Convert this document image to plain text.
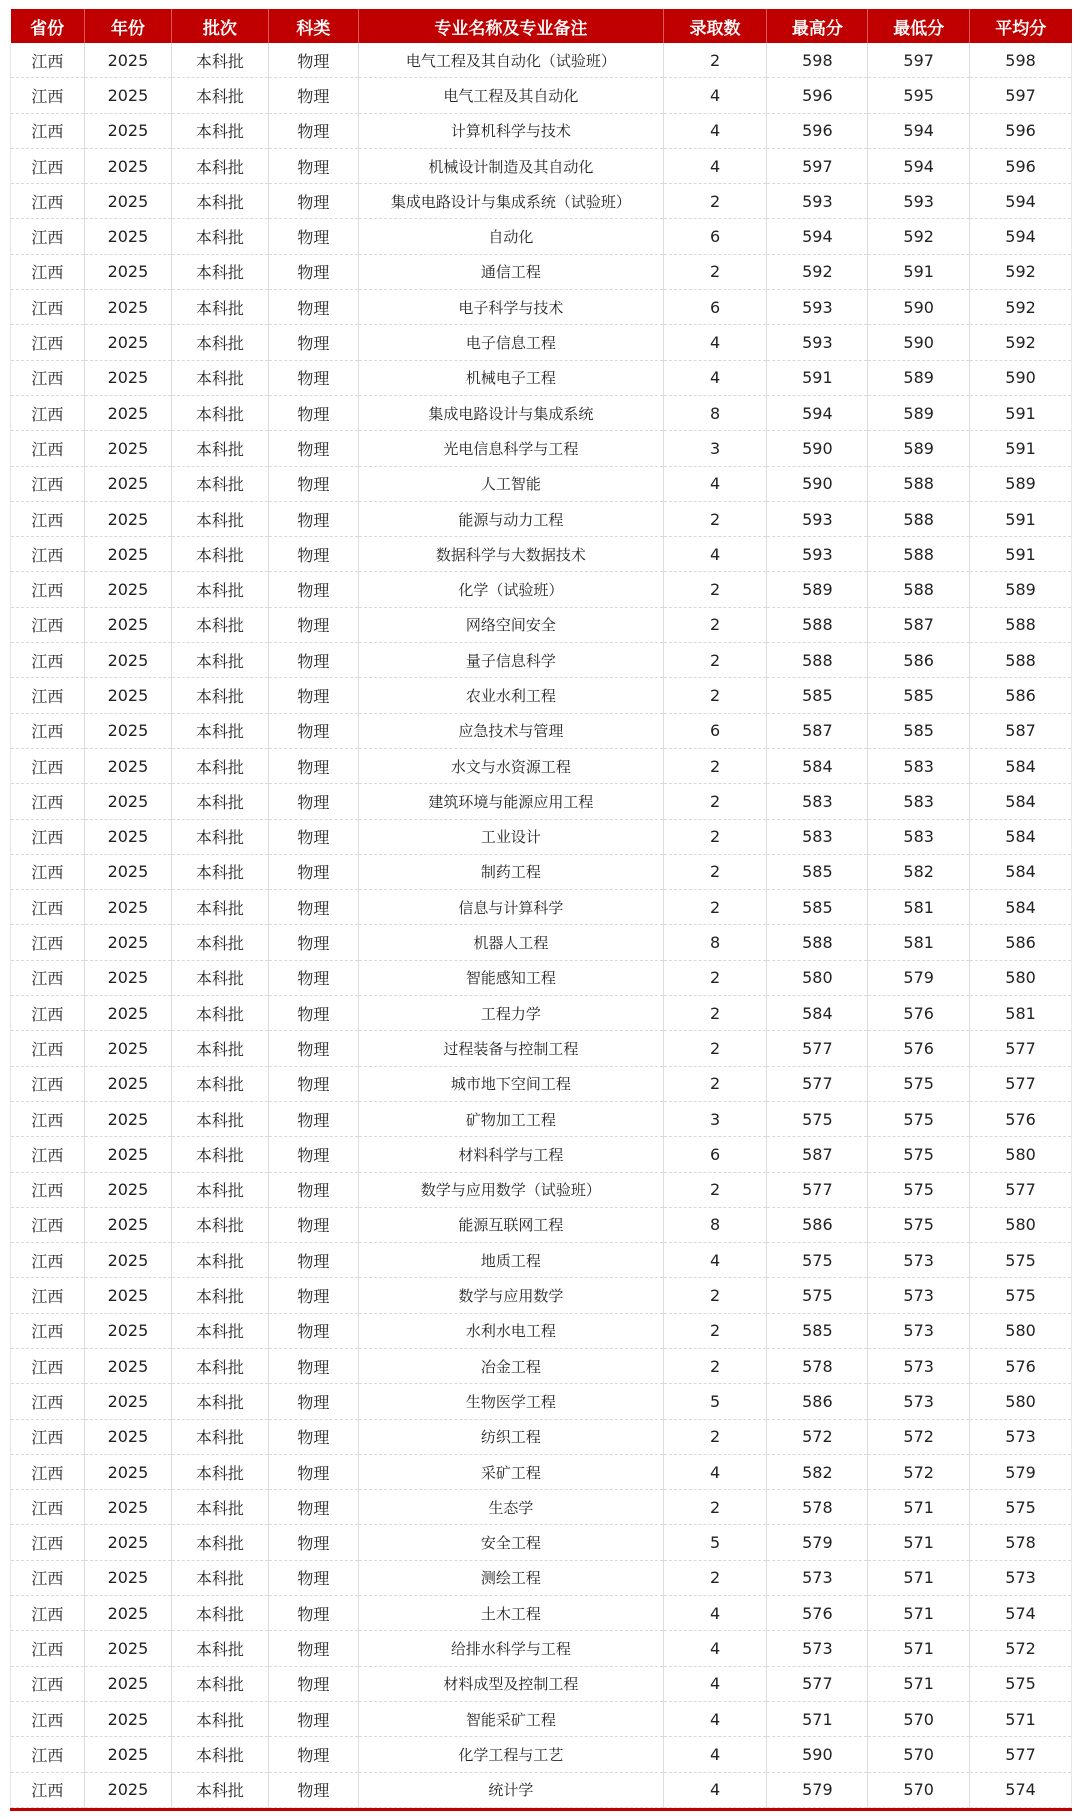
省份	年份	批次	科类	专业名称及专业备注	录取数	最高分	最低分	平均分
江西	2025	本科批	物理	电气工程及其自动化（试验班）	2	598	597	598
江西	2025	本科批	物理	电气工程及其自动化	4	596	595	597
江西	2025	本科批	物理	计算机科学与技术	4	596	594	596
江西	2025	本科批	物理	机械设计制造及其自动化	4	597	594	596
江西	2025	本科批	物理	集成电路设计与集成系统（试验班）	2	593	593	594
江西	2025	本科批	物理	自动化	6	594	592	594
江西	2025	本科批	物理	通信工程	2	592	591	592
江西	2025	本科批	物理	电子科学与技术	6	593	590	592
江西	2025	本科批	物理	电子信息工程	4	593	590	592
江西	2025	本科批	物理	机械电子工程	4	591	589	590
江西	2025	本科批	物理	集成电路设计与集成系统	8	594	589	591
江西	2025	本科批	物理	光电信息科学与工程	3	590	589	591
江西	2025	本科批	物理	人工智能	4	590	588	589
江西	2025	本科批	物理	能源与动力工程	2	593	588	591
江西	2025	本科批	物理	数据科学与大数据技术	4	593	588	591
江西	2025	本科批	物理	化学（试验班）	2	589	588	589
江西	2025	本科批	物理	网络空间安全	2	588	587	588
江西	2025	本科批	物理	量子信息科学	2	588	586	588
江西	2025	本科批	物理	农业水利工程	2	585	585	586
江西	2025	本科批	物理	应急技术与管理	6	587	585	587
江西	2025	本科批	物理	水文与水资源工程	2	584	583	584
江西	2025	本科批	物理	建筑环境与能源应用工程	2	583	583	584
江西	2025	本科批	物理	工业设计	2	583	583	584
江西	2025	本科批	物理	制药工程	2	585	582	584
江西	2025	本科批	物理	信息与计算科学	2	585	581	584
江西	2025	本科批	物理	机器人工程	8	588	581	586
江西	2025	本科批	物理	智能感知工程	2	580	579	580
江西	2025	本科批	物理	工程力学	2	584	576	581
江西	2025	本科批	物理	过程装备与控制工程	2	577	576	577
江西	2025	本科批	物理	城市地下空间工程	2	577	575	577
江西	2025	本科批	物理	矿物加工工程	3	575	575	576
江西	2025	本科批	物理	材料科学与工程	6	587	575	580
江西	2025	本科批	物理	数学与应用数学（试验班）	2	577	575	577
江西	2025	本科批	物理	能源互联网工程	8	586	575	580
江西	2025	本科批	物理	地质工程	4	575	573	575
江西	2025	本科批	物理	数学与应用数学	2	575	573	575
江西	2025	本科批	物理	水利水电工程	2	585	573	580
江西	2025	本科批	物理	冶金工程	2	578	573	576
江西	2025	本科批	物理	生物医学工程	5	586	573	580
江西	2025	本科批	物理	纺织工程	2	572	572	573
江西	2025	本科批	物理	采矿工程	4	582	572	579
江西	2025	本科批	物理	生态学	2	578	571	575
江西	2025	本科批	物理	安全工程	5	579	571	578
江西	2025	本科批	物理	测绘工程	2	573	571	573
江西	2025	本科批	物理	土木工程	4	576	571	574
江西	2025	本科批	物理	给排水科学与工程	4	573	571	572
江西	2025	本科批	物理	材料成型及控制工程	4	577	571	575
江西	2025	本科批	物理	智能采矿工程	4	571	570	571
江西	2025	本科批	物理	化学工程与工艺	4	590	570	577
江西	2025	本科批	物理	统计学	4	579	570	574
